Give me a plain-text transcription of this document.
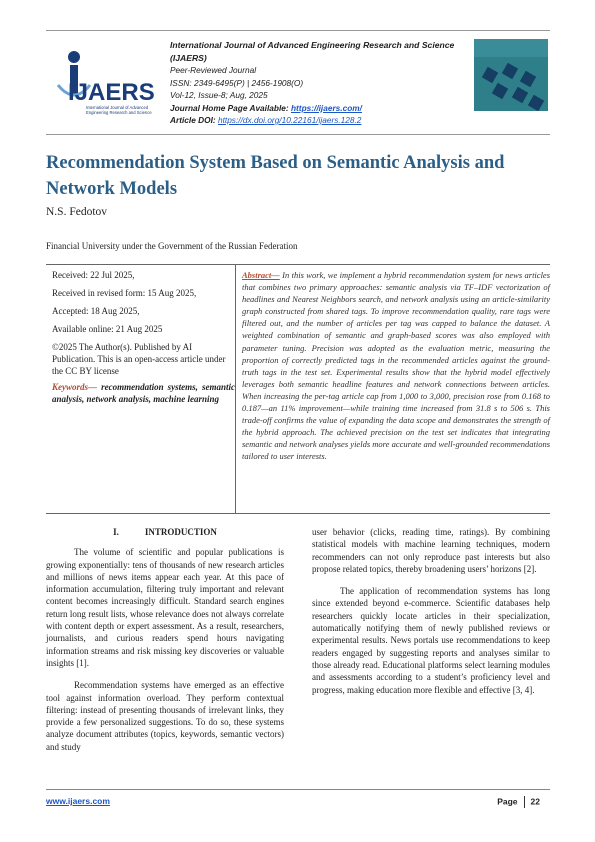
IJAERS
International Journal of Advanced Engineering Research and Science
International Journal of Advanced Engineering Research and Science (IJAERS)
Peer-Reviewed Journal
ISSN: 2349-6495(P) | 2456-1908(O)
Vol-12, Issue-8; Aug, 2025
Journal Home Page Available: https://ijaers.com/
Article DOI: https://dx.doi.org/10.22161/ijaers.128.2
Recommendation System Based on Semantic Analysis and Network Models
N.S. Fedotov
Financial University under the Government of the Russian Federation

Received: 22 Jul 2025,

Received in revised form: 15 Aug 2025,

Accepted: 18 Aug 2025,

Available online: 21 Aug 2025

©2025 The Author(s). Published by AI Publication. This is an open-access article under the CC BY license

Keywords— recommendation systems, semantic analysis, network analysis, machine learning

Abstract— In this work, we implement a hybrid recommendation system for news articles that combines two primary approaches: semantic analysis via TF–IDF vectorization of headlines and Nearest Neighbors search, and network analysis using an article-similarity graph constructed from shared tags. To improve recommendation quality, rare tags were filtered out, and the number of articles per tag was capped to balance the dataset. A weighted combination of semantic and graph-based scores was also employed with parameter tuning. Precision was adopted as the evaluation metric, measuring the proportion of correctly predicted tags in the recommended articles against the ground-truth tags in the test set. Experimental results show that the hybrid model effectively leverages both semantic headline features and network connections between articles. When increasing the per-tag article cap from 1,000 to 3,000, precision rose from 0.168 to 0.187—an 11% improvement—while training time increased from 31.8 s to 506 s. This trade-off confirms the value of expanding the data scope and demonstrates the strength of the hybrid approach. The achieved precision on the test set indicates that integrating semantic and network analyses yields more accurate and well-grounded recommendations tailored to user interests.
I.	INTRODUCTION

The volume of scientific and popular publications is growing exponentially: tens of thousands of new research articles and millions of news items appear each year. At this pace of information accumulation, filtering truly important and relevant content becomes increasingly difficult. Standard search engines return long result lists, whose relevance does not always correlate with content depth or expert assessment. As a result, researchers, journalists, and curious readers spend hours navigating information streams and risk missing key discoveries or valuable insights [1].

Recommendation systems have emerged as an effective tool against information overload. They perform contextual filtering: instead of presenting thousands of irrelevant links, they provide a few personalized suggestions. To do so, these systems analyze document attributes (topics, keywords, semantic vectors) and study

user behavior (clicks, reading time, ratings). By combining statistical models with machine learning techniques, modern recommenders can not only reproduce past interests but also propose related topics, thereby broadening users’ horizons [2].

The application of recommendation systems has long since extended beyond e-commerce. Scientific databases help researchers quickly locate articles in their specialization, automatically notifying them of newly published reviews or experimental results. News portals use recommendations to keep readers engaged by suggesting reports and analyses similar to those already read. Educational platforms select learning modules and assessments according to a student’s proficiency level and progress, making education more flexible and effective [3, 4].

www.ijaers.com	Page 22
